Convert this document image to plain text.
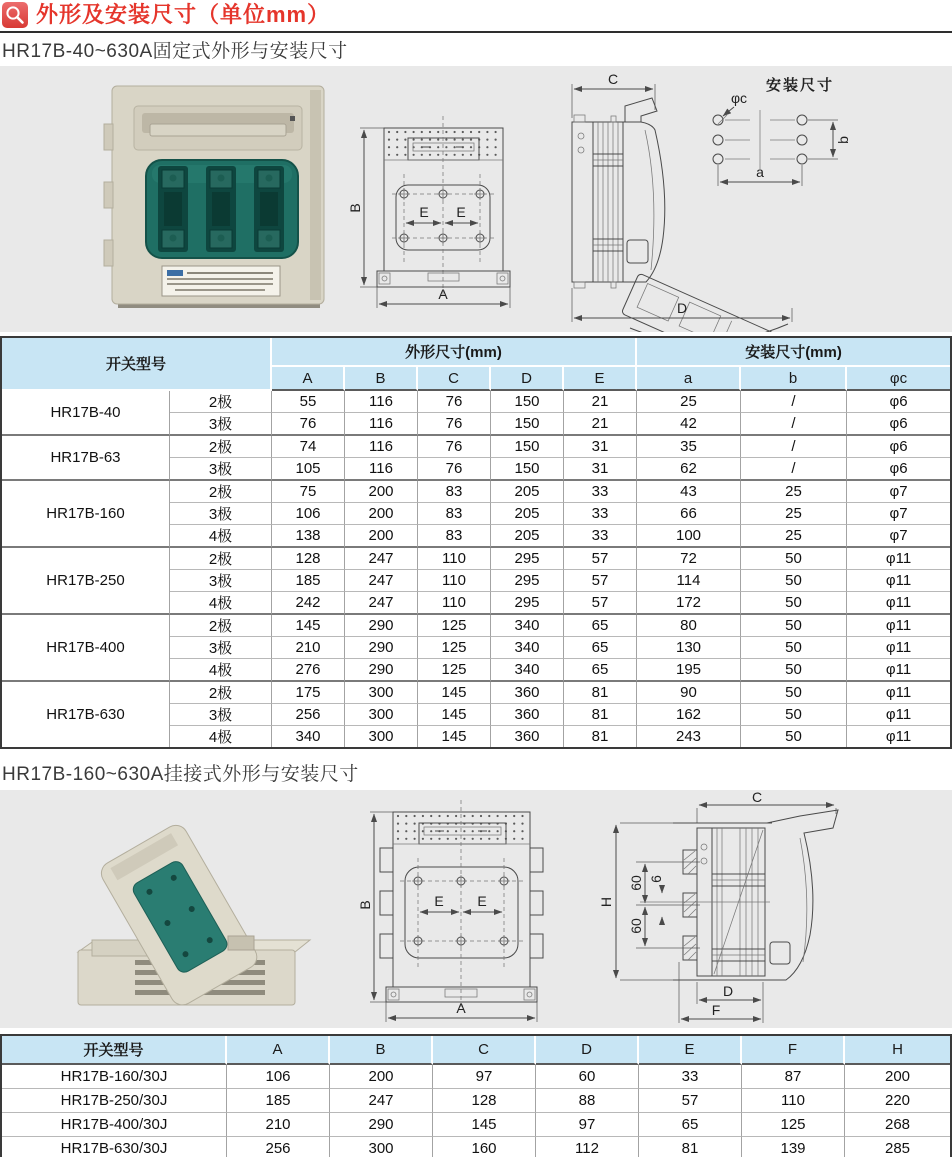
外形及安装尺寸（单位mm）
HR17B-40~630A固定式外形与安装尺寸
E E
B
A
C
D
安装尺寸
φc
b
a
开关型号		外形尺寸(mm)					安装尺寸(mm)		
		A	B	C	D	E	a	b	φc
HR17B-40	2极	55	116	76	150	21	25	/	φ6
	3极	76	116	76	150	21	42	/	φ6
HR17B-63	2极	74	116	76	150	31	35	/	φ6
	3极	105	116	76	150	31	62	/	φ6
HR17B-160	2极	75	200	83	205	33	43	25	φ7
	3极	106	200	83	205	33	66	25	φ7
	4极	138	200	83	205	33	100	25	φ7
HR17B-250	2极	128	247	110	295	57	72	50	φ11
	3极	185	247	110	295	57	114	50	φ11
	4极	242	247	110	295	57	172	50	φ11
HR17B-400	2极	145	290	125	340	65	80	50	φ11
	3极	210	290	125	340	65	130	50	φ11
	4极	276	290	125	340	65	195	50	φ11
HR17B-630	2极	175	300	145	360	81	90	50	φ11
	3极	256	300	145	360	81	162	50	φ11
	4极	340	300	145	360	81	243	50	φ11
HR17B-160~630A挂接式外形与安装尺寸
E E
B
A
C
H
60
60
6
D
F
开关型号	A	B	C	D	E	F	H
HR17B-160/30J	106	200	97	60	33	87	200
HR17B-250/30J	185	247	128	88	57	110	220
HR17B-400/30J	210	290	145	97	65	125	268
HR17B-630/30J	256	300	160	112	81	139	285
